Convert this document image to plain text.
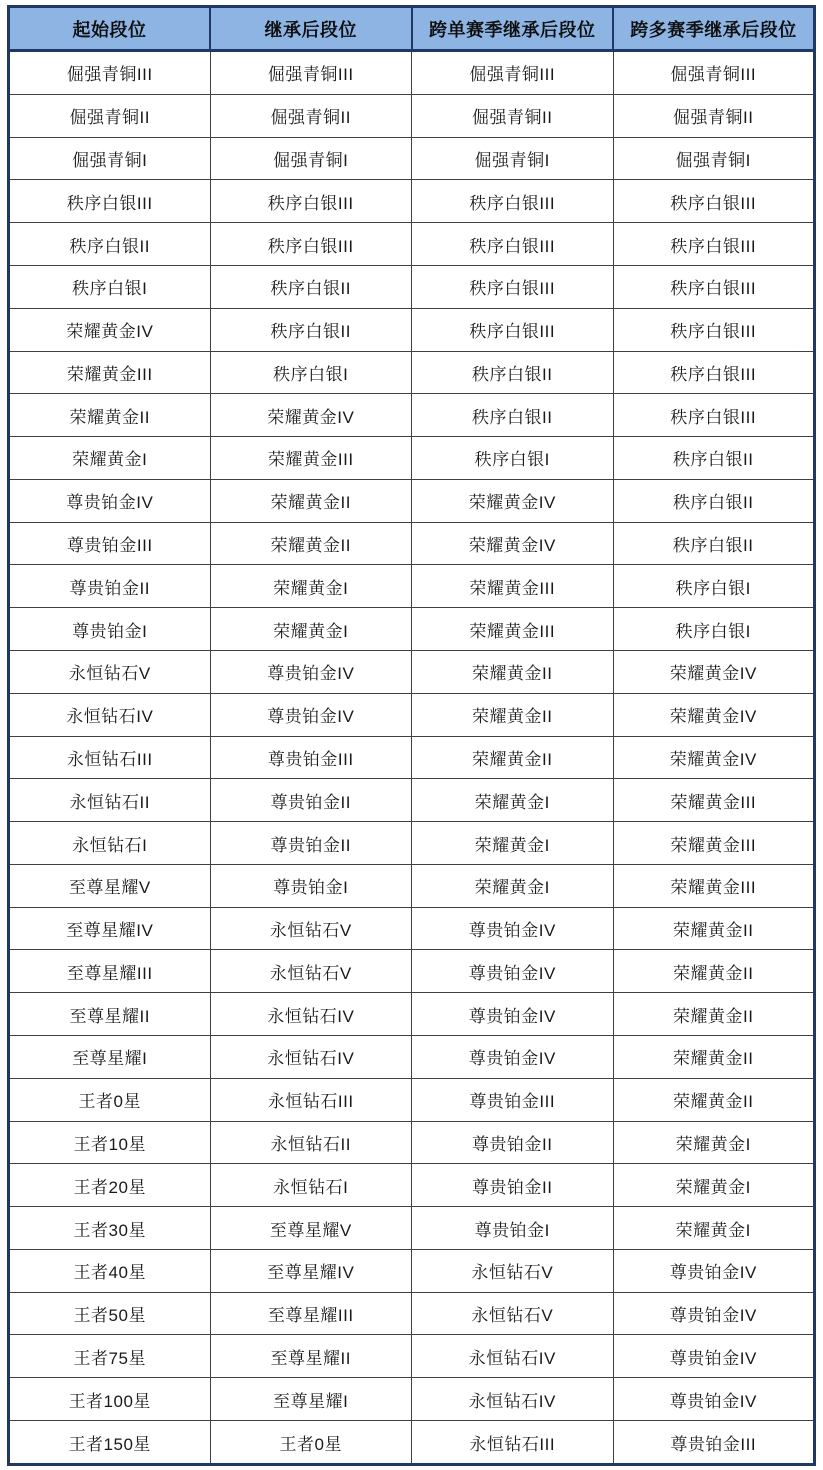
起始段位	继承后段位	跨单赛季继承后段位	跨多赛季继承后段位
倔强青铜III	倔强青铜III	倔强青铜III	倔强青铜III
倔强青铜II	倔强青铜II	倔强青铜II	倔强青铜II
倔强青铜I	倔强青铜I	倔强青铜I	倔强青铜I
秩序白银III	秩序白银III	秩序白银III	秩序白银III
秩序白银II	秩序白银III	秩序白银III	秩序白银III
秩序白银I	秩序白银II	秩序白银III	秩序白银III
荣耀黄金IV	秩序白银II	秩序白银III	秩序白银III
荣耀黄金III	秩序白银I	秩序白银II	秩序白银III
荣耀黄金II	荣耀黄金IV	秩序白银II	秩序白银III
荣耀黄金I	荣耀黄金III	秩序白银I	秩序白银II
尊贵铂金IV	荣耀黄金II	荣耀黄金IV	秩序白银II
尊贵铂金III	荣耀黄金II	荣耀黄金IV	秩序白银II
尊贵铂金II	荣耀黄金I	荣耀黄金III	秩序白银I
尊贵铂金I	荣耀黄金I	荣耀黄金III	秩序白银I
永恒钻石V	尊贵铂金IV	荣耀黄金II	荣耀黄金IV
永恒钻石IV	尊贵铂金IV	荣耀黄金II	荣耀黄金IV
永恒钻石III	尊贵铂金III	荣耀黄金II	荣耀黄金IV
永恒钻石II	尊贵铂金II	荣耀黄金I	荣耀黄金III
永恒钻石I	尊贵铂金II	荣耀黄金I	荣耀黄金III
至尊星耀V	尊贵铂金I	荣耀黄金I	荣耀黄金III
至尊星耀IV	永恒钻石V	尊贵铂金IV	荣耀黄金II
至尊星耀III	永恒钻石V	尊贵铂金IV	荣耀黄金II
至尊星耀II	永恒钻石IV	尊贵铂金IV	荣耀黄金II
至尊星耀I	永恒钻石IV	尊贵铂金IV	荣耀黄金II
王者0星	永恒钻石III	尊贵铂金III	荣耀黄金II
王者10星	永恒钻石II	尊贵铂金II	荣耀黄金I
王者20星	永恒钻石I	尊贵铂金II	荣耀黄金I
王者30星	至尊星耀V	尊贵铂金I	荣耀黄金I
王者40星	至尊星耀IV	永恒钻石V	尊贵铂金IV
王者50星	至尊星耀III	永恒钻石V	尊贵铂金IV
王者75星	至尊星耀II	永恒钻石IV	尊贵铂金IV
王者100星	至尊星耀I	永恒钻石IV	尊贵铂金IV
王者150星	王者0星	永恒钻石III	尊贵铂金III
